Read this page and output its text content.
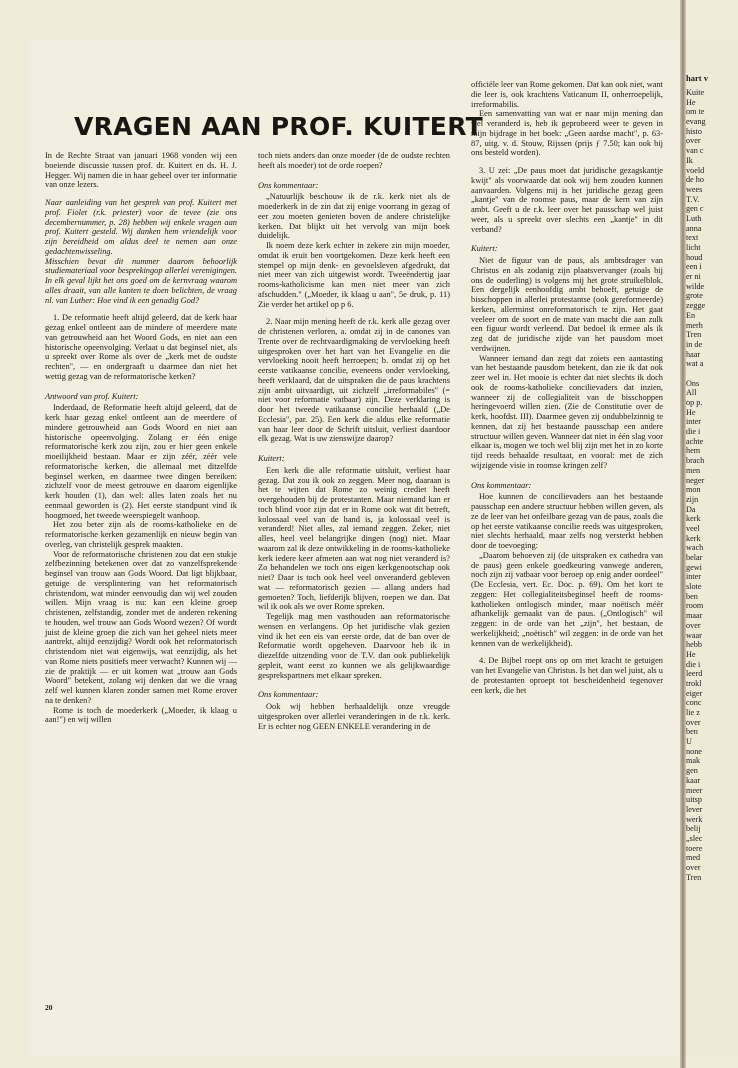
VRAGEN AAN PROF. KUITERT

In de Rechte Straat van januari 1968 vonden wij een boeiende discussie tussen prof. dr. Kuitert en ds. H. J. Hegger. Wij namen die in haar geheel over ter informatie van onze lezers.

Naar aanleiding van het gesprek van prof. Kuitert met prof. Fiolet (r.k. priester) voor de tevee (zie ons decembernummer, p. 28) hebben wij enkele vragen aan prof. Kuitert gesteld. Wij danken hem vriendelijk voor zijn bereidheid om aldus deel te nemen aan onze gedachtenwisseling.

Misschien bevat dit nummer daarom behoorlijk studiemateriaal voor besprekingop allerlei verenigingen. In elk geval lijkt het ons goed om de kernvraag waarom alles draait, van alle kanten te doen belichten, de vraag nl. van Luther: Hoe vind ik een genadig God?

1. De reformatie heeft altijd geleerd, dat de kerk haar gezag enkel ontleent aan de mindere of meerdere mate van getrouwheid aan het Woord Gods, en niet aan een historische opeenvolging. Verlaat u dat beginsel niet, als u spreekt over Rome als over de „kerk met de oudste rechten", — en ondergraaft u daarmee dan niet het wettig gezag van de reformatorische kerken?

Antwoord van prof. Kuitert:

Inderdaad, de Reformatie heeft altijd geleerd, dat de kerk haar gezag enkel ontleent aan de meerdere of mindere getrouwheid aan Gods Woord en niet aan historische opeenvolging. Zolang er één enige reformatorische kerk zou zijn, zou er hier geen enkele moeilijkheid bestaan. Maar er zijn zéér, zéér vele reformatorische kerken, die allemaal met ditzelfde beginsel werken, en daarmee twee dingen bereiken: zichzelf voor de meest getrouwe en daarom eigenlijke kerk houden (1), dan wel: alles laten zoals het nu eenmaal geworden is (2). Het eerste standpunt vind ik hoogmoed, het tweede weerspiegelt wanhoop.

Het zou beter zijn als de rooms-katholieke en de reformatorische kerken gezamenlijk en nieuw begin van overleg, van christelijk gesprek maakten.

Voor de reformatorische christenen zou dat een stukje zelfbezinning betekenen over dat zo vanzelfsprekende beginsel van trouw aan Gods Woord. Dat ligt blijkbaar, getuige de versplintering van het reformatorisch christendom, wat minder eenvoudig dan wij wel zouden willen. Mijn vraag is nu: kan een kleine groep christenen, zelfstandig, zonder met de anderen rekening te houden, wel trouw aan Gods Woord wezen? Of wordt juist de kleine groep die zich van het geheel niets meer aantrekt, altijd eenzijdig? Wordt ook het reformatorisch christendom niet wat eigenwijs, wat eenzijdig, als het van Rome niets positiefs meer verwacht? Kunnen wij — zie de praktijk — er uit komen wat „trouw aan Gods Woord" betekent, zolang wij denken dat we die vraag zelf wel kunnen klaren zonder samen met Rome erover na te denken?

Rome is toch de moederkerk („Moeder, ik klaag u aan!") en wij willen

toch niets anders dan onze moeder (de de oudste rechten heeft als moeder) tot de orde roepen?

Ons kommentaar:

„Natuurlijk beschouw ik de r.k. kerk niet als de moederkerk in de zin dat zij enige voorrang in gezag of eer zou moeten genieten boven de andere christelijke kerken. Dat blijkt uit het vervolg van mijn boek duidelijk.

Ik noem deze kerk echter in zekere zin mijn moeder, omdat ik eruit ben voortgekomen. Deze kerk heeft een stempel op mijn denk- en gevoelsleven afgedrukt, dat niet meer van zich uitgewist wordt. Tweeëndertig jaar rooms-katholicisme kan men niet meer van zich afschudden." („Moeder, ik klaag u aan", 5e druk, p. 11) Zie verder het artikel op p 6.

2. Naar mijn mening heeft de r.k. kerk alle gezag over de christenen verloren, a. omdat zij in de canones van Trente over de rechtvaardigmaking de vervloeking heeft uitgesproken over het hart van het Evangelie en die vervloeking nooit heeft herroepen; b. omdat zij op het eerste vatikaanse concilie, eveneens onder vervloeking, heeft verklaard, dat de uitspraken die de paus krachtens zijn ambt uitvaardigt, uit zichzelf „irreformabiles" (= niet voor reformatie vatbaar) zijn. Deze verklaring is door het tweede vatikaanse concilie herhaald („De Ecclesia", par. 25). Een kerk die aldus elke reformatie van haar leer door de Schrift uitsluit, verliest daardoor elk gezag. Wat is uw zienswijze daarop?

Kuitert:

Een kerk die alle reformatie uitsluit, verliest haar gezag. Dat zou ik ook zo zeggen. Meer nog, daaraan is het te wijten dat Rome zo weinig crediet heeft overgehouden bij de protestanten. Maar niemand kan er toch blind voor zijn dat er in Rome ook wat dit betreft, kolossaal veel van de hand is, ja kolossaal veel is veranderd! Niet alles, zal iemand zeggen. Zeker, niet alles, heel veel belangrijke dingen (nog) niet. Maar waarom zal ik deze ontwikkeling in de rooms-katholieke kerk iedere keer afmeten aan wat nog niet veranderd is? Zo behandelen we toch ons eigen kerkgenootschap ook niet? Daar is toch ook heel veel onveranderd gebleven wat — reformatorisch gezien — allang anders had gemoeten? Toch, liefderijk blijven, roepen we dan. Dat wil ik ook als we over Rome spreken.

Tegelijk mag men vasthouden aan reformatorische wensen en verlangens. Op het juridische vlak gezien vind ik het een eis van eerste orde, dat de ban over de Reformatie wordt opgeheven. Daarvoor heb ik in diezelfde uitzending voor de T.V. dan ook publiekelijk gepleit, want eerst zo kunnen we als gelijkwaardige gesprekspartners met elkaar spreken.

Ons kommentaar:

Ook wij hebben herhaaldelijk onze vreugde uitgesproken over allerlei veranderingen in de r.k. kerk. Er is echter nog GEEN ENKELE verandering in de

officiële leer van Rome gekomen. Dat kan ook niet, want die leer is, ook krachtens Vaticanum II, onherroepelijk, irreformabilis.

Een samenvatting van wat er naar mijn mening dan wel veranderd is, heb ik geprobeerd weer te geven in mijn bijdrage in het boek: „Geen aardse macht", p. 63-87, uitg. v. d. Stouw, Rijssen (prijs ƒ 7.50; kan ook bij ons besteld worden).

3. U zei: „De paus moet dat juridische gezagskantje kwijt" als voorwaarde dat ook wij hem zouden kunnen aanvaarden. Volgens mij is het juridische gezag geen „kantje" van de roomse paus, maar de kern van zijn ambt. Geeft u de r.k. leer over het pausschap wel juist weer, als u spreekt over slechts een „kantje" in dit verband?

Kuitert:

Niet de figuur van de paus, als ambtsdrager van Christus en als zodanig zijn plaatsvervanger (zoals bij ons de ouderling) is volgens mij het grote struikelblok. Een dergelijk eenhoofdig ambt behoeft, getuige de bisschoppen in allerlei protestantse (ook gereformeerde) kerken, allerminst onreformatorisch te zijn. Het gaat veeleer om de soort en de mate van macht die aan zulk een figuur wordt verleend. Dat bedoel ik ermee als ik zeg dat de juridische zijde van het pausdom moet verdwijnen.

Wanneer iemand dan zegt dat zoiets een aantasting van het bestaande pausdom betekent, dan zie ik dat ook zeer wel in. Het mooie is echter dat niet slechts ik doch ook de rooms-katholieke concilievaders dat inzien, wanneer zij de collegialiteit van de bisschoppen heringevoerd willen zien. (Zie de Constitutie over de kerk, hoofdst. III). Daarmee geven zij ondubbelzinnig te kennen, dat zij het bestaande pausschap een andere structuur willen geven. Wanneer dat niet in één slag voor elkaar is, mogen we toch wel blij zijn met het in zo korte tijd reeds behaalde resultaat, en vooral: met de zich wijzigende visie in roomse kringen zelf?

Ons kommentaar:

Hoe kunnen de concilievaders aan het bestaande pausschap een andere structuur hebben willen geven, als ze de leer van het onfeilbare gezag van de paus, zoals die op het eerste vatikaanse concilie reeds was uitgesproken, niet slechts herhaald, maar zelfs nog versterkt hebben door de toevoeging:

„Daarom behoeven zij (de uitspraken ex cathedra van de paus) geen enkele goedkeuring vanwege anderen, noch zijn zij vatbaar voor beroep op enig ander oordeel" (De Ecclesia, vert. Ec. Doc. p. 69). Om het kort te zeggen: Het collegialiteitsbeginsel heeft de rooms-katholieken ontlogisch minder, maar noëtisch méér afhankelijk gemaakt van de paus. („Ontlogisch" wil zeggen: in de orde van het „zijn", het bestaan, de werkelijkheid; „noëtisch" wil zeggen: in de orde van het kennen van de werkelijkheid).

4. De Bijbel roept ons op om met kracht te getuigen van het Evangelie van Christus. Is het dan wel juist, als u de protestanten oproept tot bescheidenheid tegenover een kerk, die het

20
hart v
Kuite
He
om te
evang
histo
over
van c
Ik
voeld
de ho
wees
T.V.
gen c
Luth
anna
text
licht
houd
een i
er ni
wilde
grote
zegge
En
merh
Tren
in de
haar
wat a
Ons
All
op p.
He
inter
die i
achte
hem
brach
men
neger
mon
zijn
Da
kerk
veel
kerk
wach
belar
gewi
inter
slote
ben
room
maar
over
waar
hebb
He
die i
leerd
trokl
eiger
conc
lie z
over
ben
U
none
mak
gen
kaar
meer
uitsp
lever
werk
belij
„slec
toere
med
over
Tren
